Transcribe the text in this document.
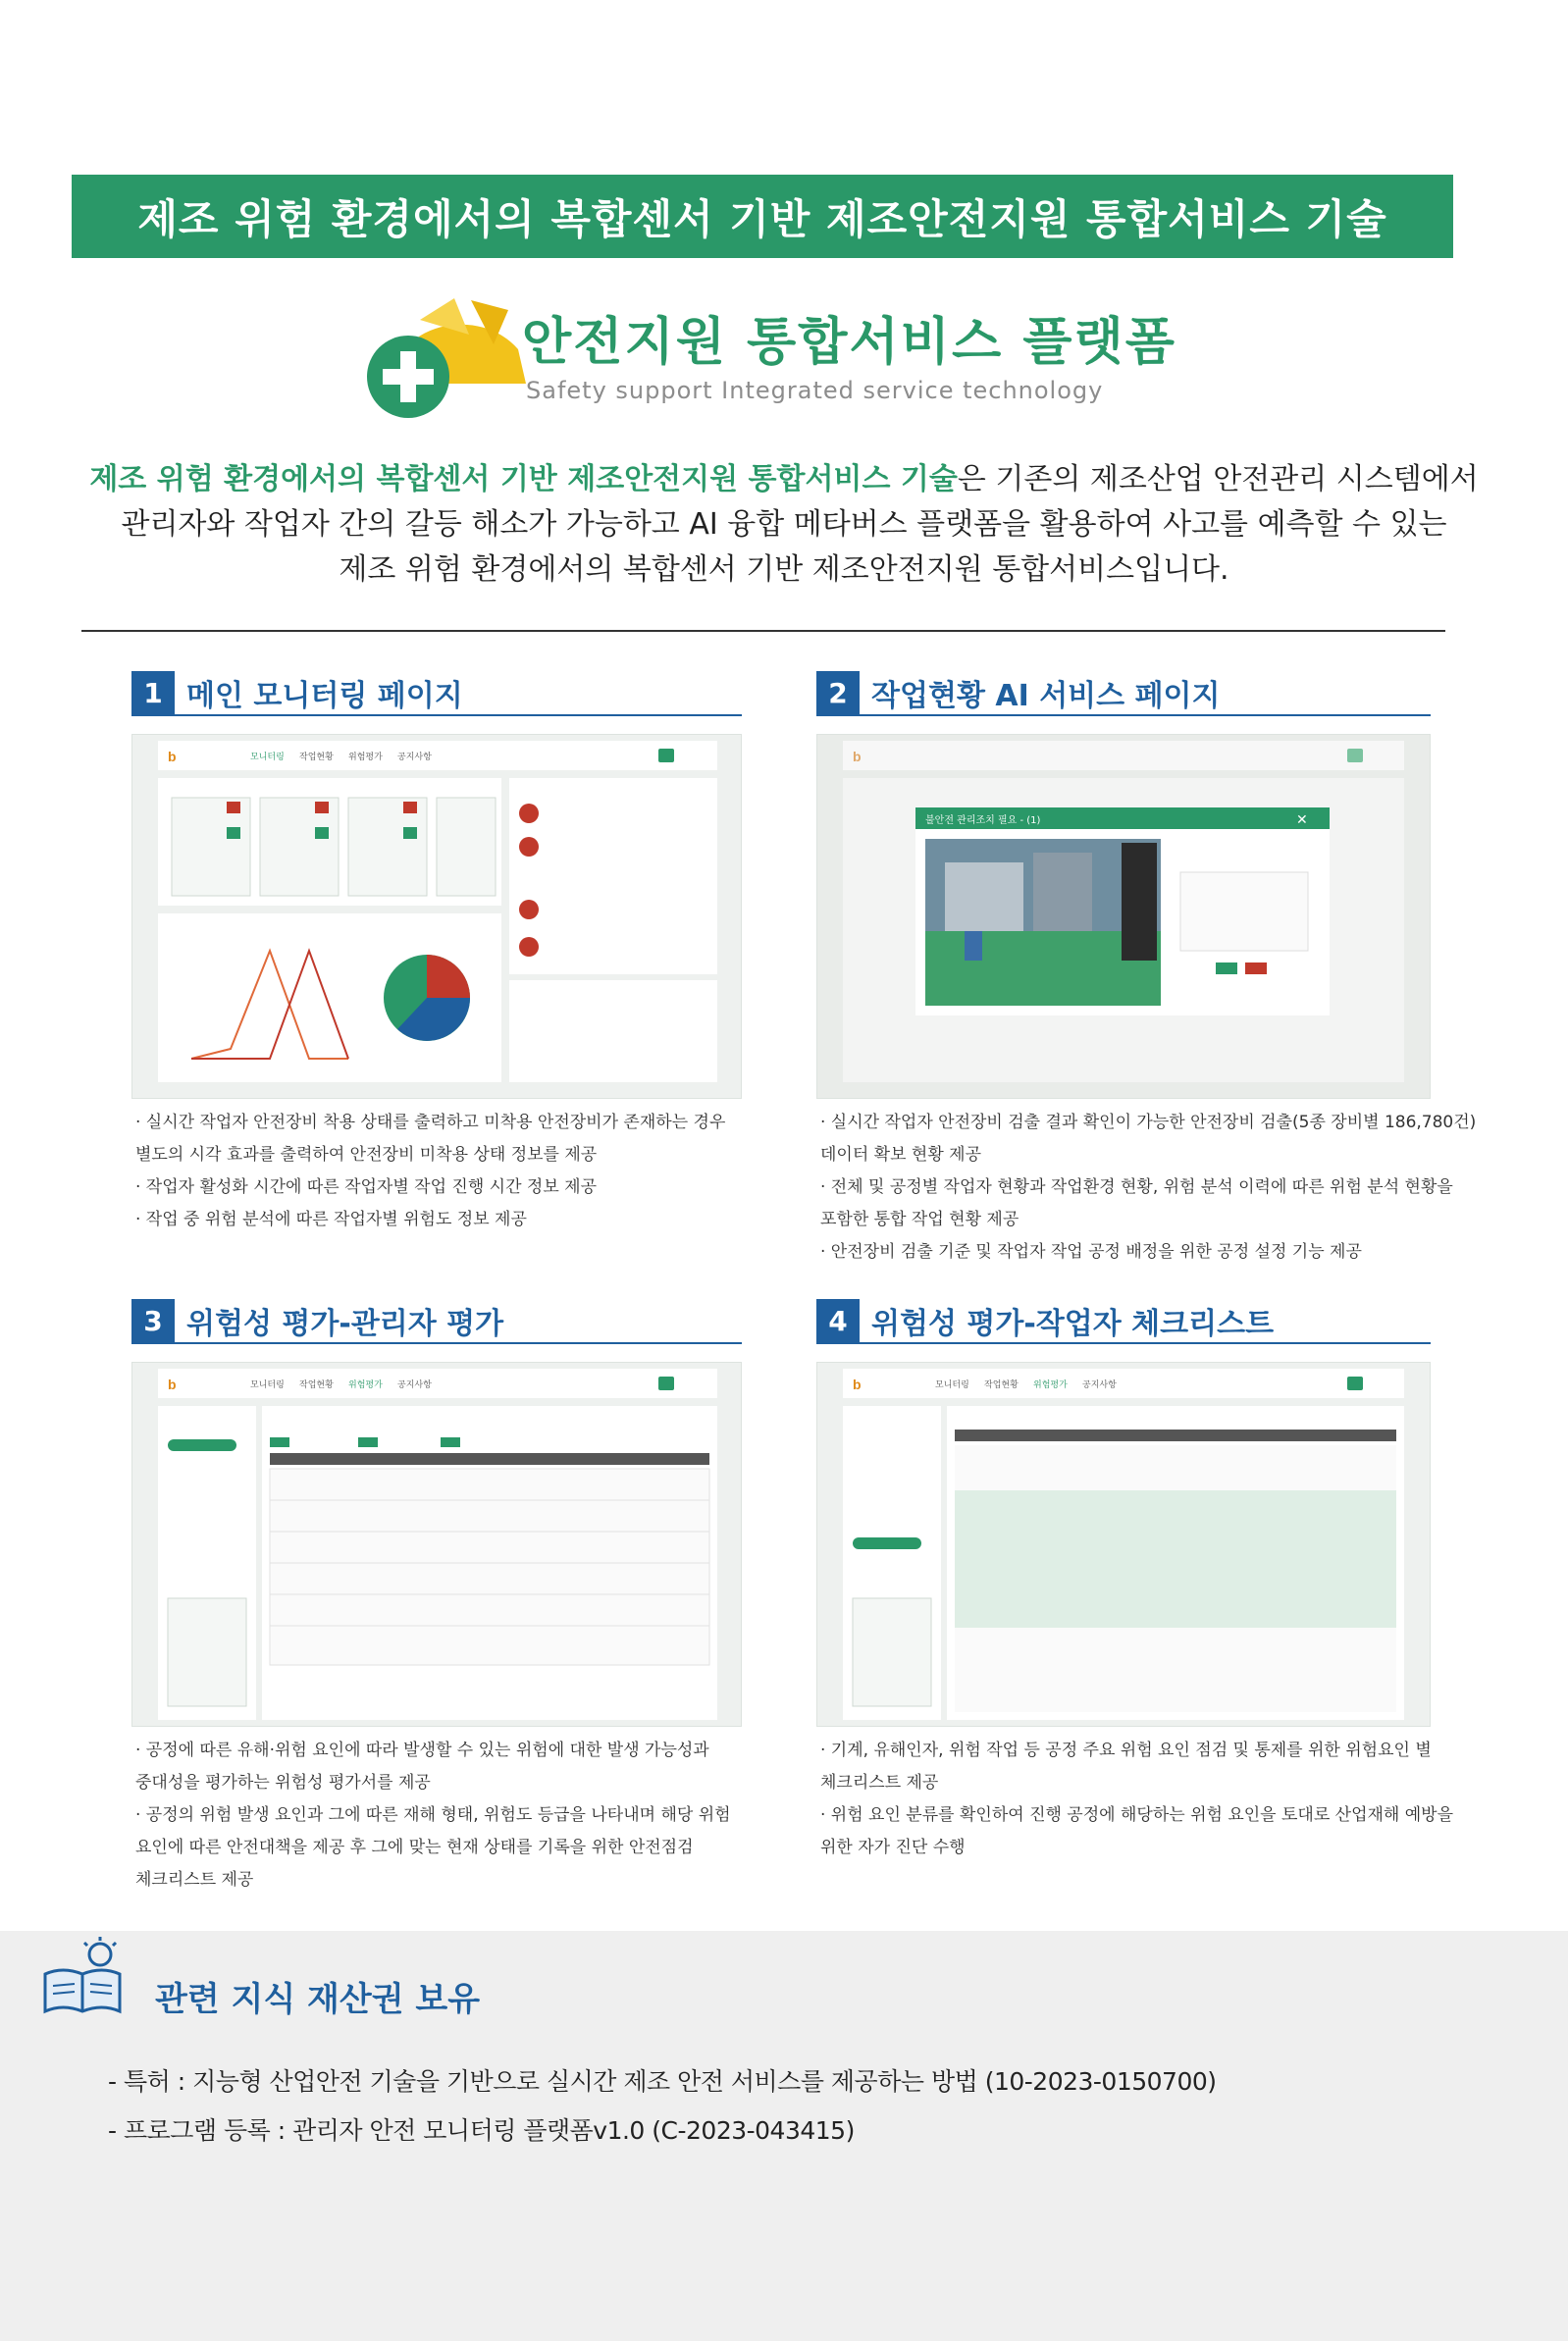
제조 위험 환경에서의 복합센서 기반 제조안전지원 통합서비스 기술
안전지원 통합서비스 플랫폼
Safety support Integrated service technology
제조 위험 환경에서의 복합센서 기반 제조안전지원 통합서비스 기술은 기존의 제조산업 안전관리 시스템에서
관리자와 작업자 간의 갈등 해소가 가능하고 AI 융합 메타버스 플랫폼을 활용하여 사고를 예측할 수 있는
제조 위험 환경에서의 복합센서 기반 제조안전지원 통합서비스입니다.
1 메인 모니터링 페이지
b	모니터링 작업현황 위험평가 공지사항
· 실시간 작업자 안전장비 착용 상태를 출력하고 미착용 안전장비가 존재하는 경우
별도의 시각 효과를 출력하여 안전장비 미착용 상태 정보를 제공
· 작업자 활성화 시간에 따른 작업자별 작업 진행 시간 정보 제공
· 작업 중 위험 분석에 따른 작업자별 위험도 정보 제공
2 작업현황 AI 서비스 페이지
b
불안전 관리조치 필요 - (1)	✕
· 실시간 작업자 안전장비 검출 결과 확인이 가능한 안전장비 검출(5종 장비별 186,780건)
데이터 확보 현황 제공
· 전체 및 공정별 작업자 현황과 작업환경 현황, 위험 분석 이력에 따른 위험 분석 현황을
포함한 통합 작업 현황 제공
· 안전장비 검출 기준 및 작업자 작업 공정 배정을 위한 공정 설정 기능 제공
3 위험성 평가-관리자 평가
b	모니터링 작업현황 위험평가 공지사항
· 공정에 따른 유해·위험 요인에 따라 발생할 수 있는 위험에 대한 발생 가능성과
중대성을 평가하는 위험성 평가서를 제공
· 공정의 위험 발생 요인과 그에 따른 재해 형태, 위험도 등급을 나타내며 해당 위험
요인에 따른 안전대책을 제공 후 그에 맞는 현재 상태를 기록을 위한 안전점검
체크리스트 제공
4 위험성 평가-작업자 체크리스트
b	모니터링 작업현황 위험평가 공지사항
· 기계, 유해인자, 위험 작업 등 공정 주요 위험 요인 점검 및 통제를 위한 위험요인 별
체크리스트 제공
· 위험 요인 분류를 확인하여 진행 공정에 해당하는 위험 요인을 토대로 산업재해 예방을
위한 자가 진단 수행
관련 지식 재산권 보유
- 특허 : 지능형 산업안전 기술을 기반으로 실시간 제조 안전 서비스를 제공하는 방법 (10-2023-0150700)
- 프로그램 등록 : 관리자 안전 모니터링 플랫폼v1.0 (C-2023-043415)
